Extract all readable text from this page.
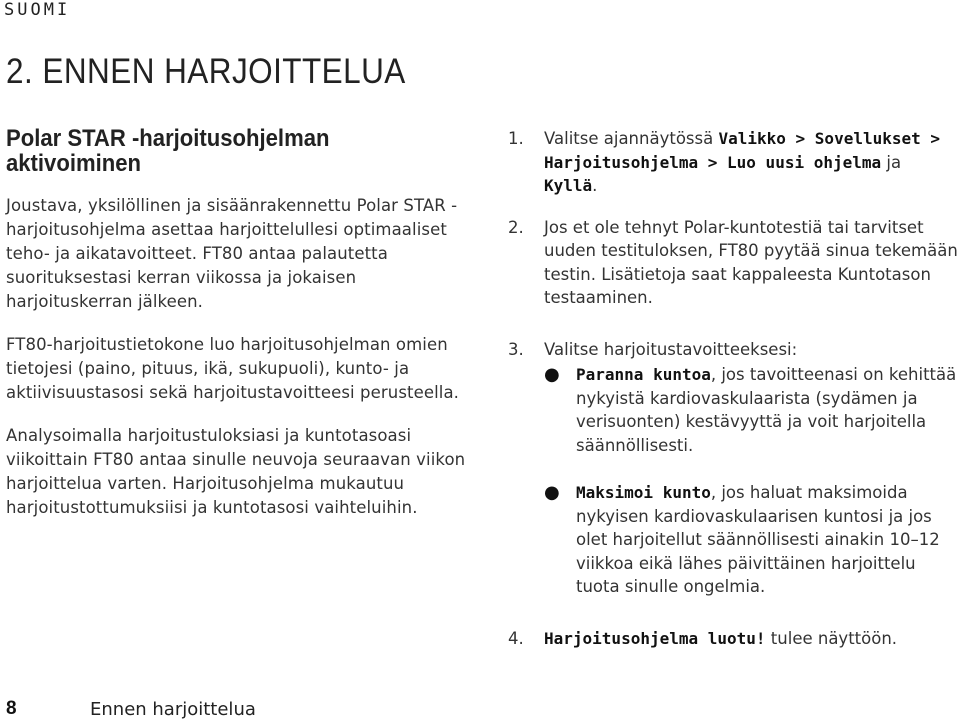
SUOMI
2. ENNEN HARJOITTELUA
Polar STAR -harjoitusohjelman aktivoiminen

Joustava, yksilöllinen ja sisäänrakennettu Polar STAR -harjoitusohjelma asettaa harjoittelullesi optimaaliset teho- ja aikatavoitteet. FT80 antaa palautetta suorituksestasi kerran viikossa ja jokaisen harjoituskerran jälkeen.

FT80-harjoitustietokone luo harjoitusohjelman omien tietojesi (paino, pituus, ikä, sukupuoli), kunto- ja aktiivisuustasosi sekä harjoitustavoitteesi perusteella.

Analysoimalla harjoitustuloksiasi ja kuntotasoasi viikoittain FT80 antaa sinulle neuvoja seuraavan viikon harjoittelua varten. Harjoitusohjelma mukautuu harjoitustottumuksiisi ja kuntotasosi vaihteluihin.

1.	Valitse ajannäytössä Valikko > Sovellukset > Harjoitusohjelma > Luo uusi ohjelma ja Kyllä.
2.	Jos et ole tehnyt Polar-kuntotestiä tai tarvitset uuden testituloksen, FT80 pyytää sinua tekemään testin. Lisätietoja saat kappaleesta Kuntotason testaaminen.
3.	Valitse harjoitustavoitteeksesi:
●	Paranna kuntoa, jos tavoitteenasi on kehittää nykyistä kardiovaskulaarista (sydämen ja verisuonten) kestävyyttä ja voit harjoitella säännöllisesti.
●	Maksimoi kunto, jos haluat maksimoida nykyisen kardiovaskulaarisen kuntosi ja jos olet harjoitellut säännöllisesti ainakin 10–12 viikkoa eikä lähes päivittäinen harjoittelu tuota sinulle ongelmia.
4.	Harjoitusohjelma luotu! tulee näyttöön.
8	Ennen harjoittelua
